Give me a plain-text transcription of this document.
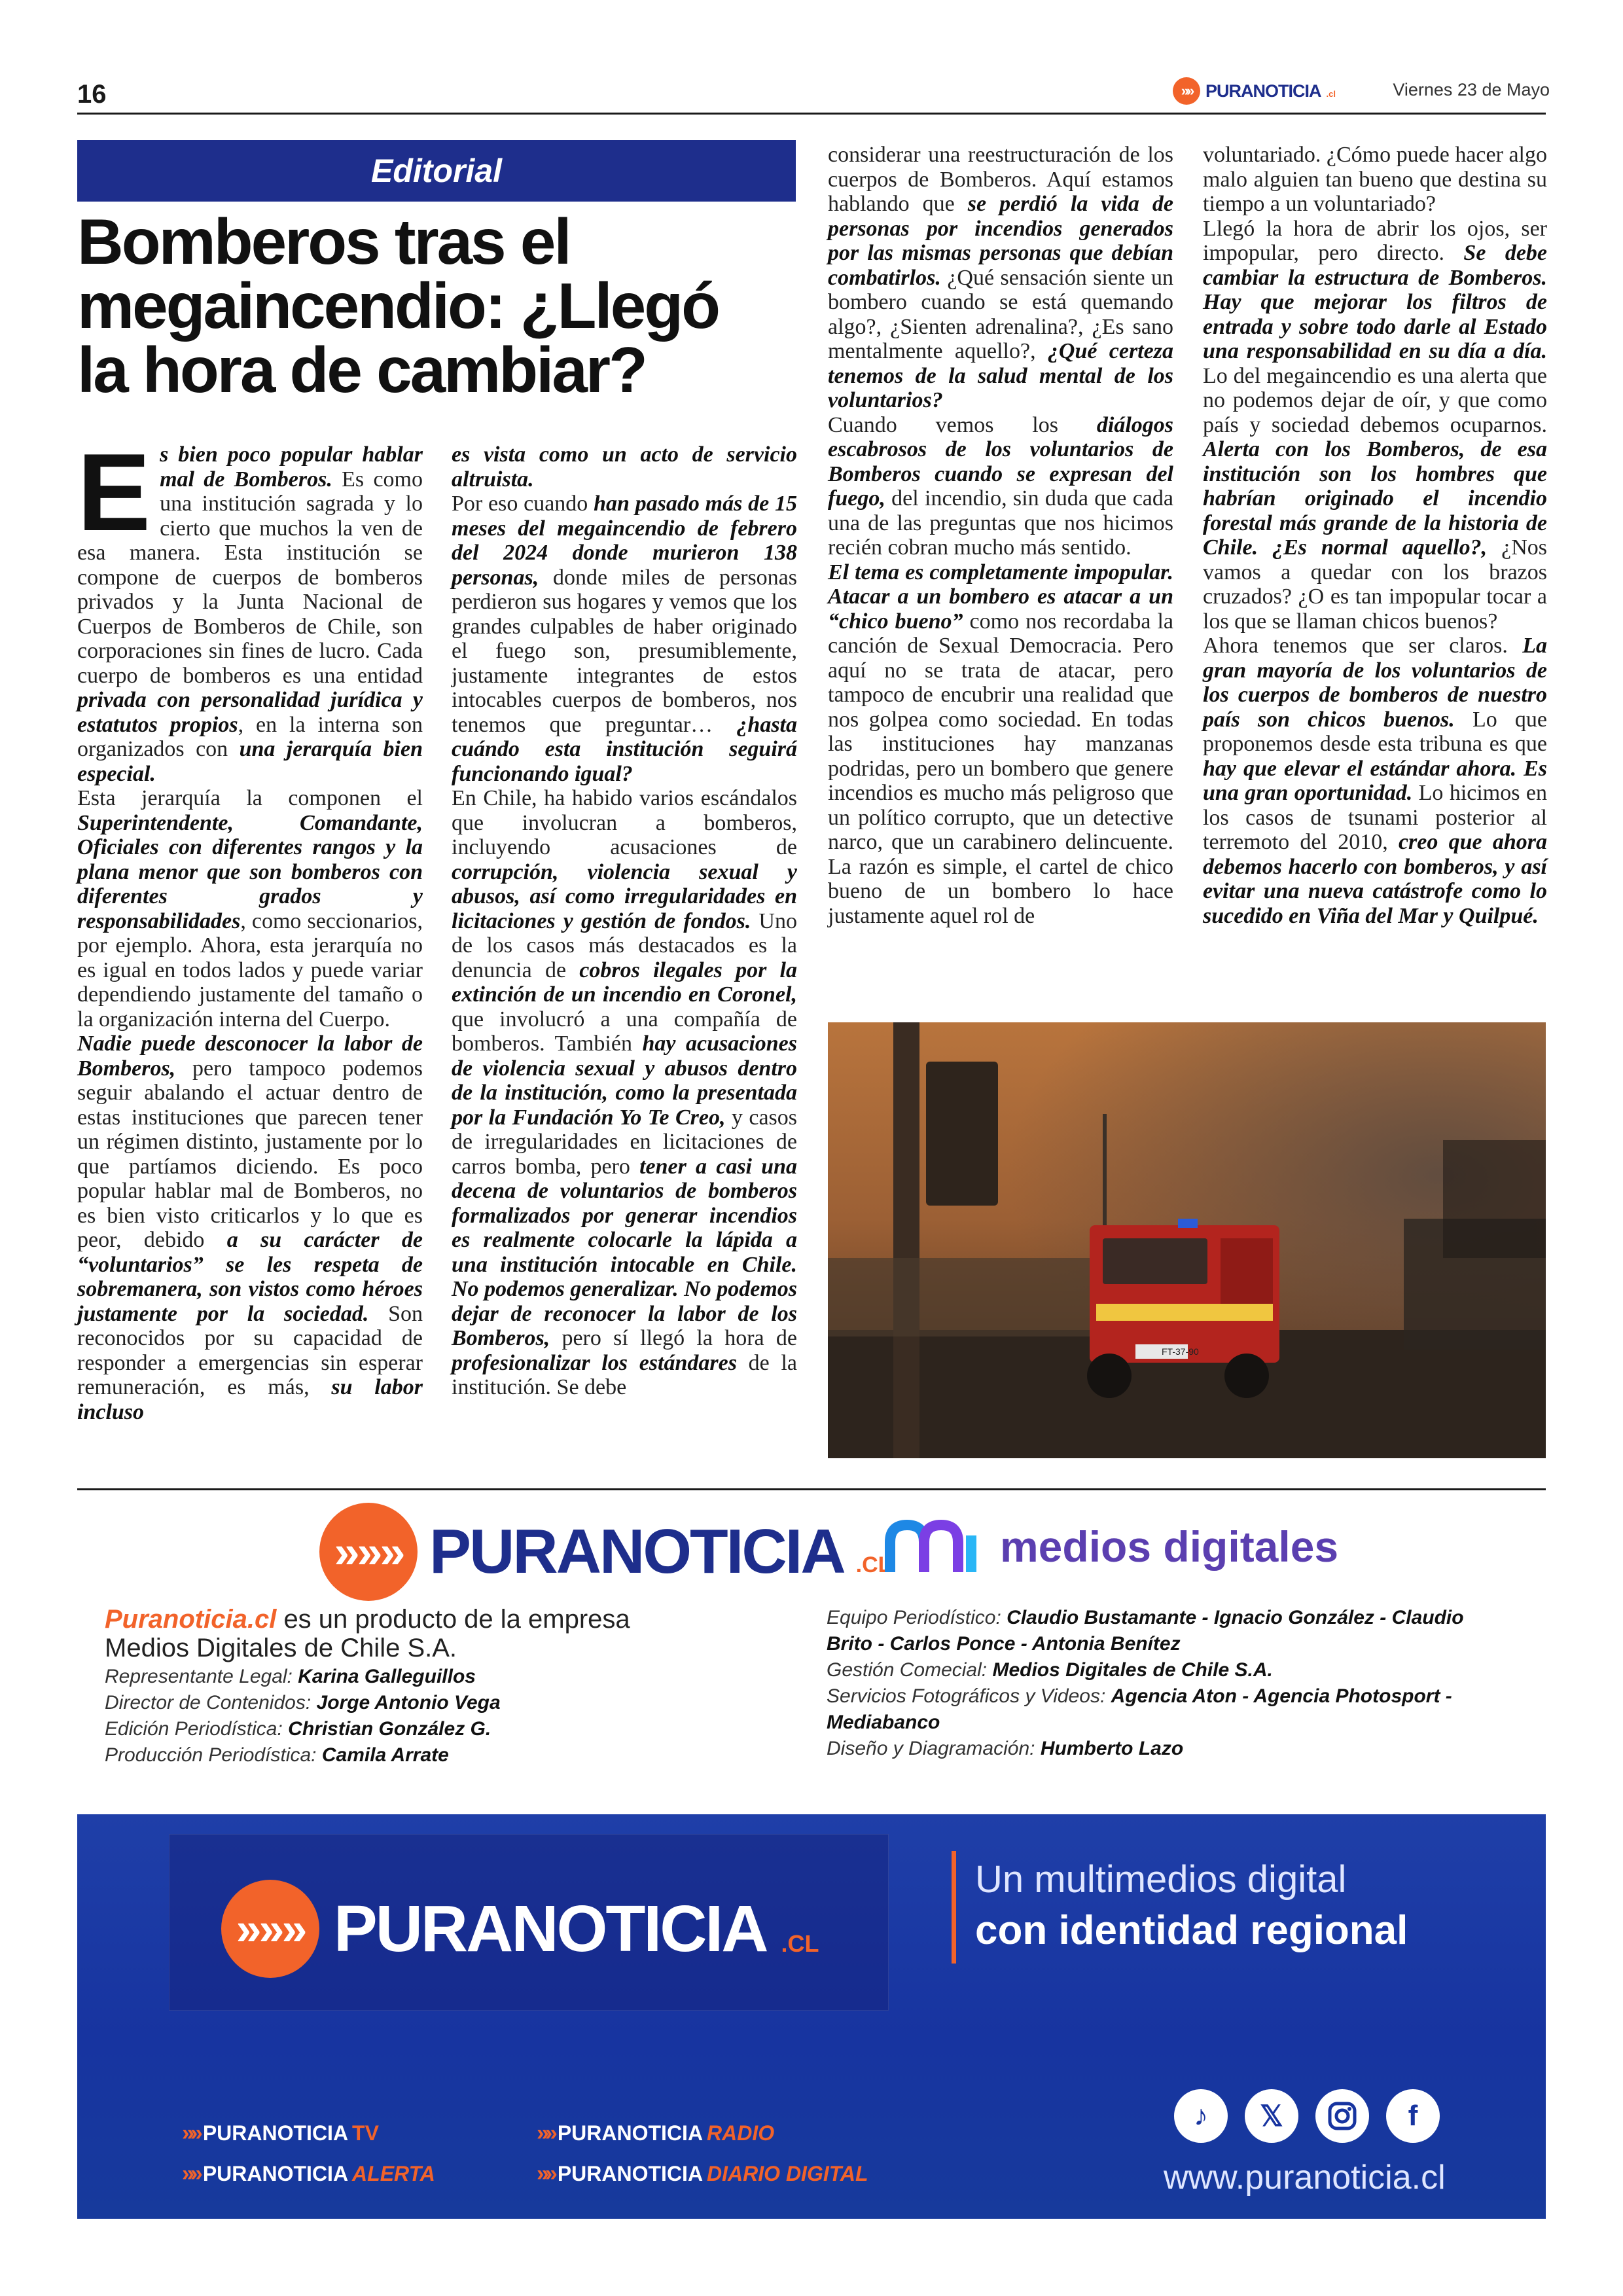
16	»» PURANOTICIA .cl	Viernes 23 de Mayo
Editorial
Bomberos tras el
megaincendio: ¿Llegó
la hora de cambiar?
E s bien poco popular hablar mal de Bomberos. Es como una institución sagrada y lo cierto que muchos la ven de esa manera. Esta institución se compone de cuerpos de bomberos privados y la Junta Nacional de Cuerpos de Bomberos de Chile, son corporaciones sin fines de lucro. Cada cuerpo de bomberos es una entidad privada con personalidad jurídica y estatutos propios, en la interna son organizados con una jerarquía bien especial.

Esta jerarquía la componen el Superintendente, Comandante, Oficiales con diferentes rangos y la plana menor que son bomberos con diferentes grados y responsabilidades, como seccionarios, por ejemplo. Ahora, esta jerarquía no es igual en todos lados y puede variar dependiendo justamente del tamaño o la organización interna del Cuerpo.

Nadie puede desconocer la labor de Bomberos, pero tampoco podemos seguir abalando el actuar dentro de estas instituciones que parecen tener un régimen distinto, justamente por lo que partíamos diciendo. Es poco popular hablar mal de Bomberos, no es bien visto criticarlos y lo que es peor, debido a su carácter de “voluntarios” se les respeta de sobremanera, son vistos como héroes justamente por la sociedad. Son reconocidos por su capacidad de responder a emergencias sin esperar remuneración, es más, su labor incluso

es vista como un acto de servicio altruista.

Por eso cuando han pasado más de 15 meses del megaincendio de febrero del 2024 donde murieron 138 personas, donde miles de personas perdieron sus hogares y vemos que los grandes culpables de haber originado el fuego son, presumiblemente, justamente integrantes de estos intocables cuerpos de bomberos, nos tenemos que preguntar… ¿hasta cuándo esta institución seguirá funcionando igual?

En Chile, ha habido varios escándalos que involucran a bomberos, incluyendo acusaciones de corrupción, violencia sexual y abusos, así como irregularidades en licitaciones y gestión de fondos. Uno de los casos más destacados es la denuncia de cobros ilegales por la extinción de un incendio en Coronel, que involucró a una compañía de bomberos. También hay acusaciones de violencia sexual y abusos dentro de la institución, como la presentada por la Fundación Yo Te Creo, y casos de irregularidades en licitaciones de carros bomba, pero tener a casi una decena de voluntarios de bomberos formalizados por generar incendios es realmente colocarle la lápida a una institución intocable en Chile. No podemos generalizar. No podemos dejar de reconocer la labor de los Bomberos, pero sí llegó la hora de profesionalizar los estándares de la institución. Se debe

considerar una reestructuración de los cuerpos de Bomberos. Aquí estamos hablando que se perdió la vida de personas por incendios generados por las mismas personas que debían combatirlos. ¿Qué sensación siente un bombero cuando se está quemando algo?, ¿Sienten adrenalina?, ¿Es sano mentalmente aquello?, ¿Qué certeza tenemos de la salud mental de los voluntarios?

Cuando vemos los diálogos escabrosos de los voluntarios de Bomberos cuando se expresan del fuego, del incendio, sin duda que cada una de las preguntas que nos hicimos recién cobran mucho más sentido.

El tema es completamente impopular. Atacar a un bombero es atacar a un “chico bueno” como nos recordaba la canción de Sexual Democracia. Pero aquí no se trata de atacar, pero tampoco de encubrir una realidad que nos golpea como sociedad. En todas las instituciones hay manzanas podridas, pero un bombero que genere incendios es mucho más peligroso que un político corrupto, que un detective narco, que un carabinero delincuente. La razón es simple, el cartel de chico bueno de un bombero lo hace justamente aquel rol de

voluntariado. ¿Cómo puede hacer algo malo alguien tan bueno que destina su tiempo a un voluntariado?

Llegó la hora de abrir los ojos, ser impopular, pero directo. Se debe cambiar la estructura de Bomberos. Hay que mejorar los filtros de entrada y sobre todo darle al Estado una responsabilidad en su día a día. Lo del megaincendio es una alerta que no podemos dejar de oír, y que como país y sociedad debemos ocuparnos. Alerta con los Bomberos, de esa institución son los hombres que habrían originado el incendio forestal más grande de la historia de Chile. ¿Es normal aquello?, ¿Nos vamos a quedar con los brazos cruzados? ¿O es tan impopular tocar a los que se llaman chicos buenos?

Ahora tenemos que ser claros. La gran mayoría de los voluntarios de los cuerpos de bomberos de nuestro país son chicos buenos. Lo que proponemos desde esta tribuna es que hay que elevar el estándar ahora. Es una gran oportunidad. Lo hicimos en los casos de tsunami posterior al terremoto del 2010, creo que ahora debemos hacerlo con bomberos, y así evitar una nueva catástrofe como lo sucedido en Viña del Mar y Quilpué.

FT-37-90
»»» PURANOTICIA .CL	medios digitales
Puranoticia.cl es un producto de la empresa
Medios Digitales de Chile S.A.
Representante Legal: Karina Galleguillos
Director de Contenidos: Jorge Antonio Vega
Edición Periodística: Christian González G.
Producción Periodística: Camila Arrate
Equipo Periodístico: Claudio Bustamante - Ignacio González - Claudio Brito - Carlos Ponce - Antonia Benítez
Gestión Comecial: Medios Digitales de Chile S.A.
Servicios Fotográficos y Videos: Agencia Aton - Agencia Photosport - Mediabanco
Diseño y Diagramación: Humberto Lazo
»»» PURANOTICIA .CL
Un multimedios digital
con identidad regional
»» PURANOTICIA TV
»» PURANOTICIA ALERTA
»» PURANOTICIA RADIO
»» PURANOTICIA DIARIO DIGITAL
♪	𝕏	f
www.puranoticia.cl
